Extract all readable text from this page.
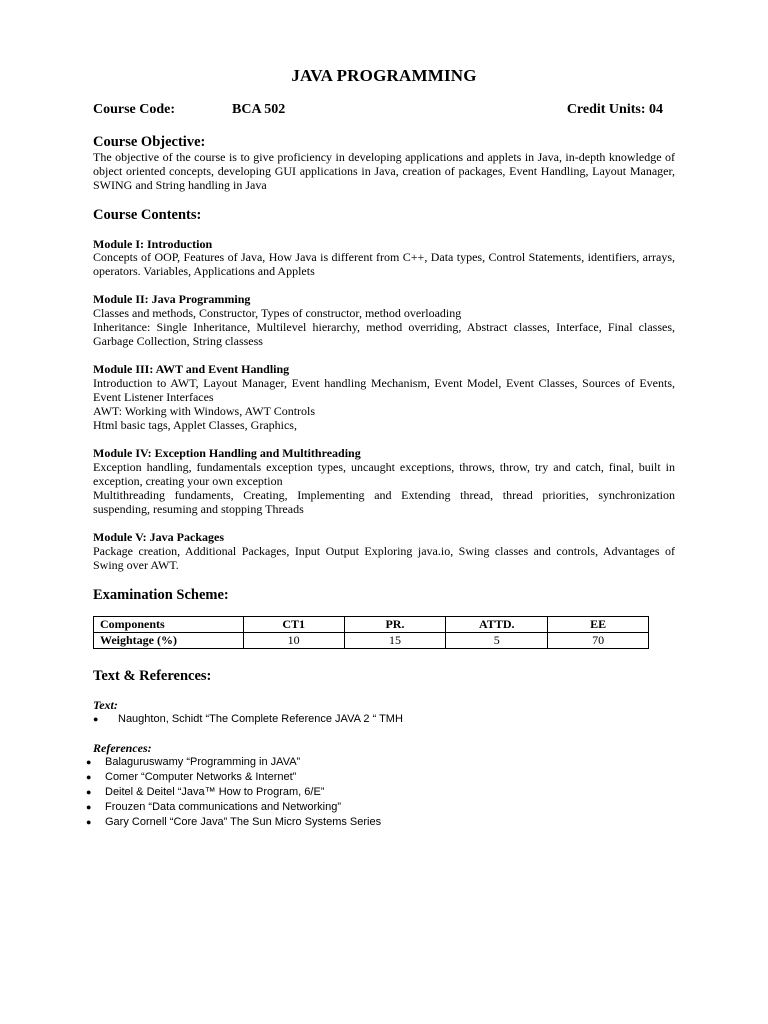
JAVA PROGRAMMING
Course Code:	BCA 502	Credit Units: 04
Course Objective:
The objective of the course is to give proficiency in developing applications and applets in Java, in-depth knowledge of object oriented concepts, developing GUI applications in Java, creation of packages, Event Handling, Layout Manager, SWING and String handling in Java
Course Contents:
Module I: Introduction
Concepts of OOP, Features of Java, How Java is different from C++, Data types, Control Statements, identifiers, arrays, operators. Variables, Applications and Applets
Module II: Java Programming
Classes and methods, Constructor, Types of constructor, method overloading
Inheritance: Single Inheritance, Multilevel hierarchy, method overriding, Abstract classes, Interface, Final classes, Garbage Collection, String classess
Module III: AWT and Event Handling
Introduction to AWT, Layout Manager, Event handling Mechanism, Event Model, Event Classes, Sources of Events, Event Listener Interfaces
AWT: Working with Windows, AWT Controls
Html basic tags, Applet Classes, Graphics,
Module IV: Exception Handling and Multithreading
Exception handling, fundamentals exception types, uncaught exceptions, throws, throw, try and catch, final, built in exception, creating your own exception
Multithreading fundaments, Creating, Implementing and Extending thread, thread priorities, synchronization suspending, resuming and stopping Threads
Module V: Java Packages
Package creation, Additional Packages, Input Output Exploring java.io, Swing classes and controls, Advantages of Swing over AWT.
Examination Scheme:
Components	CT1	PR.	ATTD.	EE
Weightage (%)	10	15	5	70
Text & References:
Text:
● Naughton, Schidt “The Complete Reference JAVA 2 “ TMH
References:
● Balaguruswamy “Programming in JAVA”
● Comer “Computer Networks & Internet”
● Deitel & Deitel “Java™ How to Program, 6/E”
● Frouzen “Data communications and Networking”
● Gary Cornell “Core Java” The Sun Micro Systems Series
